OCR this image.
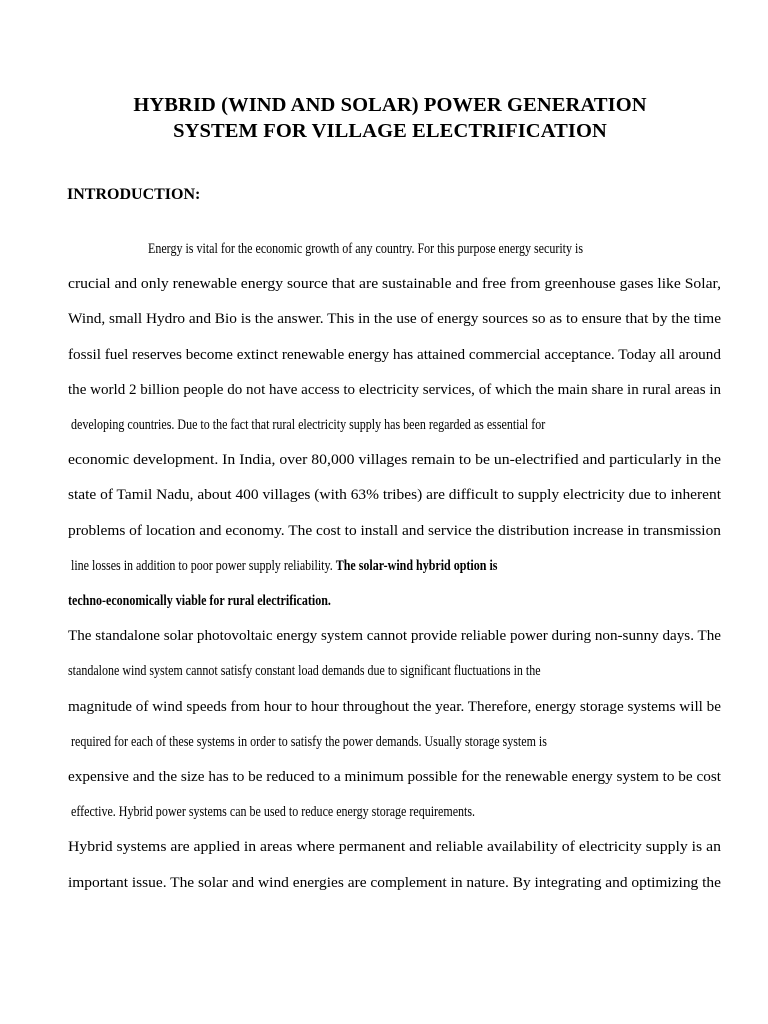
HYBRID (WIND AND SOLAR) POWER GENERATION
SYSTEM FOR VILLAGE ELECTRIFICATION
INTRODUCTION:
Energy is vital for the economic growth of any country. For this purpose energy security is
crucial and only renewable energy source that are sustainable and free from greenhouse gases like Solar,
Wind, small Hydro and Bio is the answer. This in the use of energy sources so as to ensure that by the time
fossil fuel reserves become extinct renewable energy has attained commercial acceptance. Today all around
the world 2 billion people do not have access to electricity services, of which the main share in rural areas in
developing countries. Due to the fact that rural electricity supply has been regarded as essential for
economic development. In India, over 80,000 villages remain to be un-electrified and particularly in the
state of Tamil Nadu, about 400 villages (with 63% tribes) are difficult to supply electricity due to inherent
problems of location and economy. The cost to install and service the distribution increase in transmission
line losses in addition to poor power supply reliability. The solar-wind hybrid option is
techno-economically viable for rural electrification.
The standalone solar photovoltaic energy system cannot provide reliable power during non-sunny days. The
standalone wind system cannot satisfy constant load demands due to significant fluctuations in the
magnitude of wind speeds from hour to hour throughout the year. Therefore, energy storage systems will be
required for each of these systems in order to satisfy the power demands. Usually storage system is
expensive and the size has to be reduced to a minimum possible for the renewable energy system to be cost
effective. Hybrid power systems can be used to reduce energy storage requirements.
Hybrid systems are applied in areas where permanent and reliable availability of electricity supply is an
important issue. The solar and wind energies are complement in nature. By integrating and optimizing the
